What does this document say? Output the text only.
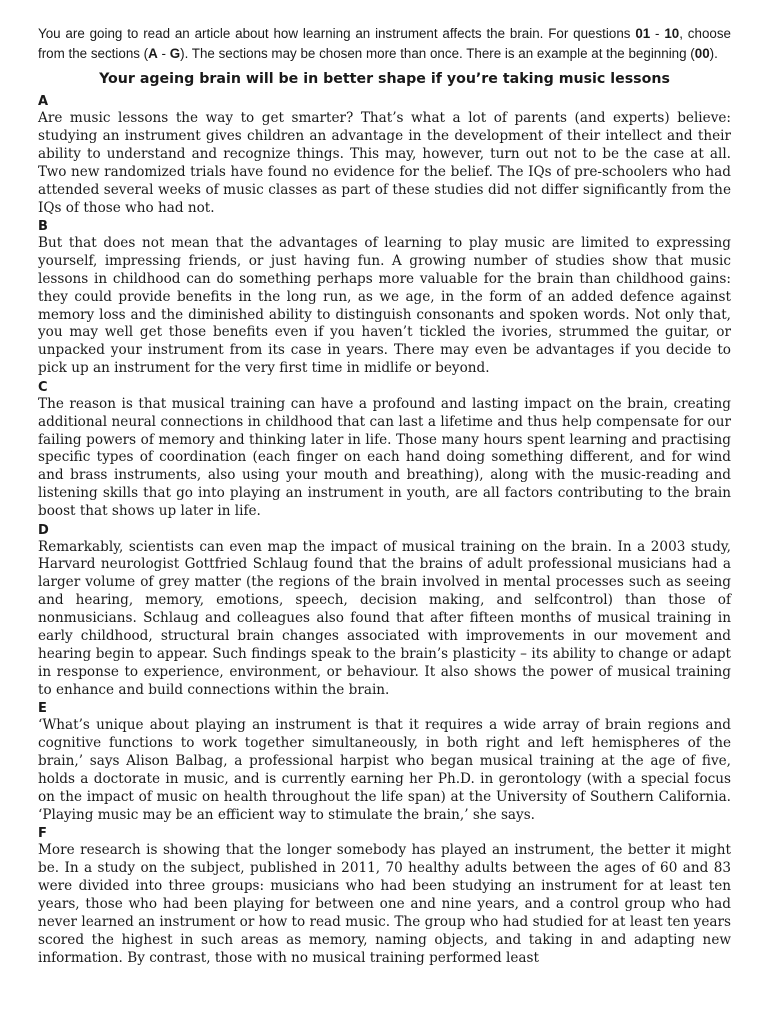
You are going to read an article about how learning an instrument affects the brain. For questions 01 - 10, choose from the sections (A - G). The sections may be chosen more than once. There is an example at the beginning (00).

Your ageing brain will be in better shape if you’re taking music lessons

A

Are music lessons the way to get smarter? That’s what a lot of parents (and experts) believe: studying an instrument gives children an advantage in the development of their intellect and their ability to understand and recognize things. This may, however, turn out not to be the case at all. Two new randomized trials have found no evidence for the belief. The IQs of pre-schoolers who had attended several weeks of music classes as part of these studies did not differ significantly from the IQs of those who had not.

B

But that does not mean that the advantages of learning to play music are limited to expressing yourself, impressing friends, or just having fun. A growing number of studies show that music lessons in childhood can do something perhaps more valuable for the brain than childhood gains: they could provide benefits in the long run, as we age, in the form of an added defence against memory loss and the diminished ability to distinguish consonants and spoken words. Not only that, you may well get those benefits even if you haven’t tickled the ivories, strummed the guitar, or unpacked your instrument from its case in years. There may even be advantages if you decide to pick up an instrument for the very first time in midlife or beyond.

C

The reason is that musical training can have a profound and lasting impact on the brain, creating additional neural connections in childhood that can last a lifetime and thus help compensate for our failing powers of memory and thinking later in life. Those many hours spent learning and practising specific types of coordination (each finger on each hand doing something different, and for wind and brass instruments, also using your mouth and breathing), along with the music-reading and listening skills that go into playing an instrument in youth, are all factors contributing to the brain boost that shows up later in life.

D

Remarkably, scientists can even map the impact of musical training on the brain. In a 2003 study, Harvard neurologist Gottfried Schlaug found that the brains of adult professional musicians had a larger volume of grey matter (the regions of the brain involved in mental processes such as seeing and hearing, memory, emotions, speech, decision making, and selfcontrol) than those of nonmusicians. Schlaug and colleagues also found that after fifteen months of musical training in early childhood, structural brain changes associated with improvements in our movement and hearing begin to appear. Such findings speak to the brain’s plasticity – its ability to change or adapt in response to experience, environment, or behaviour. It also shows the power of musical training to enhance and build connections within the brain.

E

‘What’s unique about playing an instrument is that it requires a wide array of brain regions and cognitive functions to work together simultaneously, in both right and left hemispheres of the brain,’ says Alison Balbag, a professional harpist who began musical training at the age of five, holds a doctorate in music, and is currently earning her Ph.D. in gerontology (with a special focus on the impact of music on health throughout the life span) at the University of Southern California. ‘Playing music may be an efficient way to stimulate the brain,’ she says.

F

More research is showing that the longer somebody has played an instrument, the better it might be. In a study on the subject, published in 2011, 70 healthy adults between the ages of 60 and 83 were divided into three groups: musicians who had been studying an instrument for at least ten years, those who had been playing for between one and nine years, and a control group who had never learned an instrument or how to read music. The group who had studied for at least ten years scored the highest in such areas as memory, naming objects, and taking in and adapting new information. By contrast, those with no musical training performed least
